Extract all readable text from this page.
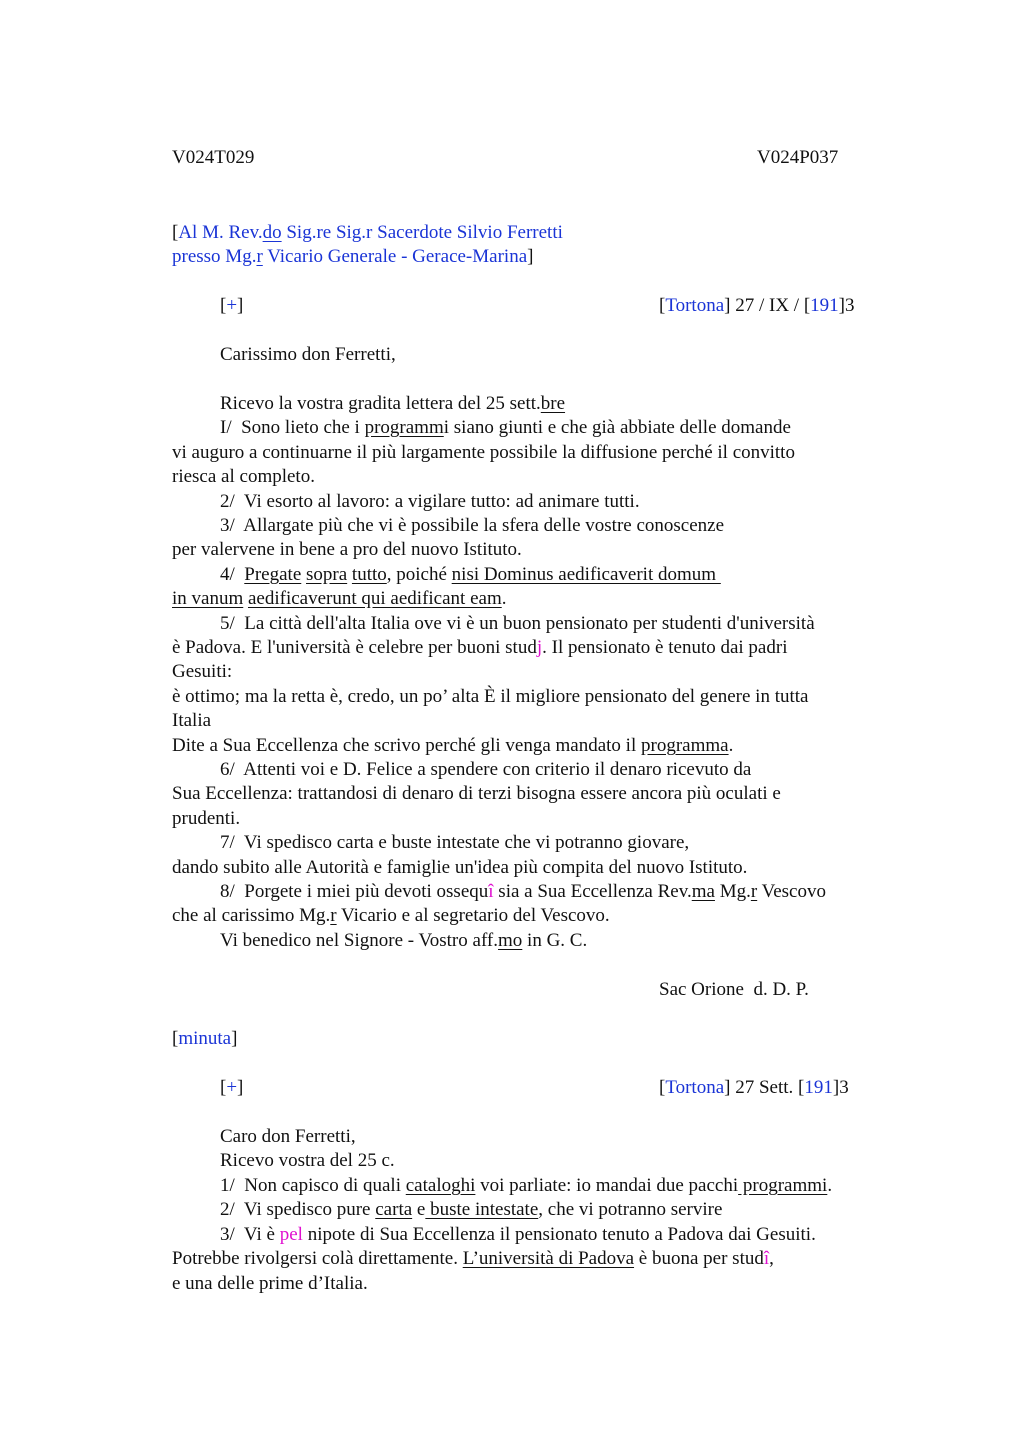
V024T029	V024P037
[Al M. Rev.do Sig.re Sig.r Sacerdote Silvio Ferretti
presso Mg.r Vicario Generale - Gerace-Marina]
[+]	[Tortona] 27 / IX / [191]3
Carissimo don Ferretti,
Ricevo la vostra gradita lettera del 25 sett.bre
I/  Sono lieto che i programmi siano giunti e che già abbiate delle domande
vi auguro a continuarne il più largamente possibile la diffusione perché il convitto
riesca al completo.
2/  Vi esorto al lavoro: a vigilare tutto: ad animare tutti.
3/  Allargate più che vi è possibile la sfera delle vostre conoscenze
per valervene in bene a pro del nuovo Istituto.
4/  Pregate sopra tutto, poiché nisi Dominus aedificaverit domum
in vanum aedificaverunt qui aedificant eam.
5/  La città dell'alta Italia ove vi è un buon pensionato per studenti d'università
è Padova. E l'università è celebre per buoni studj. Il pensionato è tenuto dai padri
Gesuiti:
è ottimo; ma la retta è, credo, un po’ alta È il migliore pensionato del genere in tutta
Italia
Dite a Sua Eccellenza che scrivo perché gli venga mandato il programma.
6/  Attenti voi e D. Felice a spendere con criterio il denaro ricevuto da
Sua Eccellenza: trattandosi di denaro di terzi bisogna essere ancora più oculati e
prudenti.
7/  Vi spedisco carta e buste intestate che vi potranno giovare,
dando subito alle Autorità e famiglie un'idea più compita del nuovo Istituto.
8/  Porgete i miei più devoti ossequî sia a Sua Eccellenza Rev.ma Mg.r Vescovo
che al carissimo Mg.r Vicario e al segretario del Vescovo.
Vi benedico nel Signore - Vostro aff.mo in G. C.
Sac Orione  d. D. P.
[minuta]
[+]	[Tortona] 27 Sett. [191]3
Caro don Ferretti,
Ricevo vostra del 25 c.
1/  Non capisco di quali cataloghi voi parliate: io mandai due pacchi programmi.
2/  Vi spedisco pure carta e buste intestate, che vi potranno servire
3/  Vi è pel nipote di Sua Eccellenza il pensionato tenuto a Padova dai Gesuiti.
Potrebbe rivolgersi colà direttamente. L’università di Padova è buona per studî,
e una delle prime d’Italia.
